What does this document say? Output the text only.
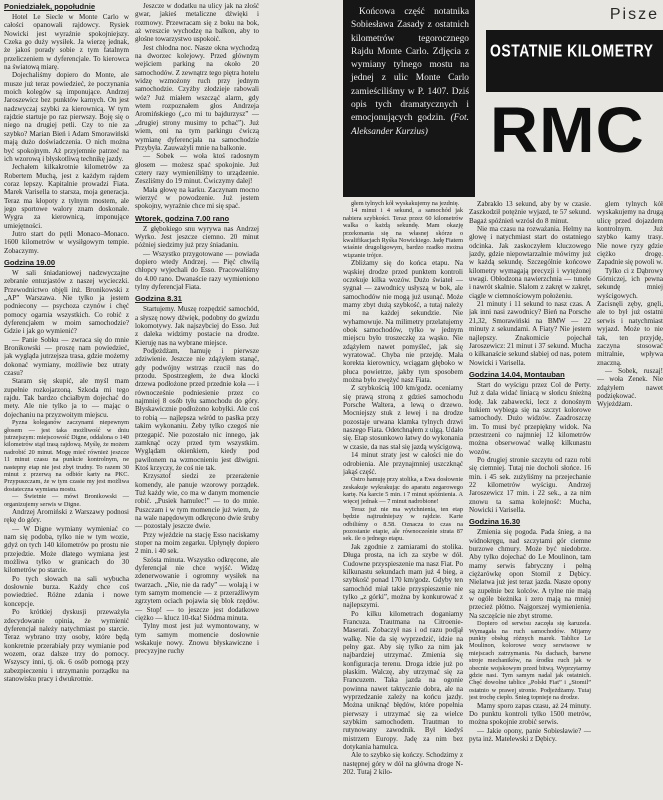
Poniedziałek, popołudnie

Hotel Le Siecle w Monte Carlo w całości opanowali rajdowcy. Rysiek Nowicki jest wyraźnie spokojniejszy. Czeka go duży wysiłek. Ja wierzę jednak, że jakoś porady sobie z tym fatalnym przeliczeniem w dyferencjale. To kierowca na światową miarę.

Dojechaliśmy dopiero do Monte, ale musze już teraz powiedzieć, że poczynania moich kolegów są imponujące. Andrzej Jaroszewicz bez punktów karnych. On jest nadzwyczaj szybki za kierownicą. W tym rajdzie startuje po raz pierwszy. Boję się o niego na drugiej petli. Czy to nie za szybko? Marian Bień i Adam Smorawiński mają dużo doświadczenia. O nich można być spokojnym. Aż przyjemnie patrzeć na ich wzorową i błyskotliwą technikę jazdy.

Jechałem kilkakrotnie kilometrów za Robertem Muchą, jest z każdym rajdem coraz lepszy. Kapitalnie prowadzi Fiata. Marek Varisella to starsza, moja generacja. Teraz ma kłopoty z tylnym mostem, ale jego sportowe walory znam doskonale. Wygra za kierownicą, imponujące umiejętności.

Jutro start do pętli Monaco–Monaco. 1600 kilometrów w wysiłgowym tempie. Zobaczymy.

Godzina 19.00

W sali śniadaniowej nadzwyczajne zebranie entuzjastów z naszej wycieczki. Przewodnictwo objęli inż. Bronikowski z „AP” Warszawa. Nie tylko ja jestem podniecony — psychoza czynów i chęć pomocy ogarnia wszystkich. Co robić z dyferencjałem w moim samochodzie? Gdzie i jak go wymienić?

— Panie Sobku — zwraca się do mnie Bronikowski — proszę nam powiedzieć, jak wygląda jutrzejsza trasa, gdzie możemy dokonać wymiany, możliwie bez utraty czasu?

Staram się skupić, ale myśl mam zupełnie rozkojarzoną. Szkoda mi tego rajdu. Tak bardzo chciałbym dojechać do mety. Ale nie tylko ja to — mając o dojechaniu na przyzwoitym miejscu.

Pyzna koleganów zaczynami niepewnym głosem — jest taka możliwość w dniu jutrzejszym: miejscowość Digne, oddalona o 140 kilometrów stąd trasą rajdową. Myślę, że możem nadrobić 20 minut. Mogę mieć również jeszcze 11 minut czasu na punkcie kontrolnym, ne nastepny etap nie jest zbyt trudny. To razem 30 minut z przerwą na odbiór karty na PKC. Przypuszczam, że w tym czasie my jest możliwa dostateczna wymiana mostu.

— Świetnie — mówi Bronikowski — organizujemy serwis w Digne.

Andrzej Aromiński z Warszawy podnosi rękę do góry.

— W Digne wymiany wymieniać co nam się podoba, tylko nie w tym wozie, gdyż on tych 140 kilometrów po prostu nie przejedzie. Może dlatego wymiana jest możliwa tylko w granicach do 30 kilometrów po starcie.

Po tych słowach na sali wybucha dosłownie burza. Każdy chce coś powiedzieć. Różne zdania i nowe koncepcje.

Po krótkiej dyskusji przeważyła zdecydowanie opinia, że wymienić dyferencjał należy natychmiast po starcie. Teraz wybrano trzy osoby, które będą konkretnie przerabiały przy wymianie pod wozem, oraz dalsze trzy do pomocy. Wszyscy inni, tj. ok. 6 osób pomogą przy zabezpieczeniu i utrzymaniu porządku na stanowisku pracy i dwukrotnie.

Jeszcze w dodatku na ulicy jak na złość gwar, jakieś metaliczne dźwięki i rozmowy. Przewracam się z boku na bok, aż wreszcie wychodzę na balkon, aby to głośne towarzystwo uspokoić.

Jest chłodna noc. Nasze okna wychodzą na dworzec kolejowy. Przed głównym wejściem parking na około 20 samochodów. Z zewnątrz tego piętra hotelu widzę wzmożony ruch przy jednym samochodzie. Czyżby złodzieje rabowali wóz? Już miałem wszcząć alarm, gdy wtem rozpoznałem głos Andrzeja Aromińskiego („co mi tu bajdurzysz” — „drugiej strony musimy to pchać”). Już wiem, oni na tym parkingu ćwiczą wymianę dyferencjała na samochodzie Przybyła. Zauważyli mnie na balkonie.

— Sobek — woła ktoś radosnym głosem — możesz spać spokojnie. Już cztery razy wymieniliśmy to urządzenie. Zeszliśmy do 19 minut. Ćwiczymy dalej!

Mała głowę na karku. Zaczynam mocno wierzyć w powodzenie. Już jestem spokojny, wyraźnie chce mi się spać.

Wtorek, godzina 7.00 rano

Z głębokiego snu wyrywa nas Andrzej Wyrko. Jest jeszcze ciemno. 20 minut później siedzimy już przy śniadaniu.

— Wszystko przygotowane — powiada dopiero wtedy Andrzej. — Pięć chwilą chłopcy wyjechali do Esso. Pracowaliśmy do 4.00 rano. Dwanaście razy wymieniono tylny dyferencjał Fiata.

Godzina 8.31

Startujemy. Muszę rozpędzić samochód, a słyszę nowy dźwięk, podobny do gwizdu lokomotywy. Jak najszybciej do Esso. Już z daleka widzimy postacie na drodze. Kieruję nas na wybrane miejsce.

Podjeżdżam, hamuję i pierwsze zdziwienie. Jeszcze nie zdążyłem stanąć, gdy podwójny wstrząs rzucił nas do przodu. Spostrzegłem, że dwa klocki drzewa podłożone przed przednie koła — i równocześnie podniesienie przez co najmniej 8 osób tyłu samochodu do góry. Błyskawicznie podłożono kobyłki. Ale coś to robią — najlepsza wśród to pasłka przy takim wykonaniu. Żeby tylko czegoś nie przegapić. Nie pozostało nic innego, jak zamknąć oczy przed tym wszystkim. Wyglądam okienkiem, kiedy pod pawilonem na wzmocnieniu jest dźwigni. Ktoś krzyczy, że coś nie tak.

Krzysztof siedzi ze przerażenie komendy, ale panuje wzorowy porządek. Tuż każdy wie, co ma w danym momencie robić. „Pusiek hamulec!” — to do mnie. Puszczam i w tym momencie już wiem, że na wale napędowym odkręcono dwie śruby — pozostały jeszcze dwie.

Przy wjeździe na stację Esso naciskamy stoper na moim zegarku. Upłynęły dopiero 2 min. i 40 sek.

Szósta minuta. Wszystko odkręcone, ale dyferencjał nie chce wyjść. Widzę zdenerwowanie i ogromny wysiłek na twarzach. „Nie, nie da rady” — wołają i w tym samym momencie — z przeraźliwym zgrzytem ociach pojawia się blok rzędów. — Stop! — to jeszcze jest dodatkowe ciężko — klucz 10-tka! Siódma minuta.

Tylny most jest już wymontowany, w tym samym momencie dosłownie wskakuje nowy. Znowu błyskawiczne i precyzyjne ruchy

Końcowa część notatnika Sobiesława Zasady z ostatnich kilometrów tegorocznego Rajdu Monte Carlo. Zdjęcia z wymiany tylnego mostu na jednej z ulic Monte Carlo zamieściliśmy w P. 1407. Dziś opis tych dramatycznych i emocjonujących godzin. (Fot. Aleksander Kurzius)

Pisze
OSTATNIE KILOMETRY
RMC

głem tylnych kół wyskakujemy na jezdnię.

14 minut i 4 sekund, a samochód jak nabiera szybkości. Teraz przez 60 kilometrów walka o każdą sekundę. Mam okazję przekonania się na własnej skórze o kwalifikacjach Ryśka Nowickiego. Jadę Fiatem wiaśnie drugoligowym, bardzo rzadko można wiązanie trójce.

Zbliżamy się do końca etapu. Na wąskiej drodze przed punktem kontroli oczekuje kilka wozów. Dużo świateł — sygnał — zawodnicy usłyszą w bok, ale samochodów nie mogą już usunąć. Może mamy zbyt dużą szybkość, a tutaj należy mi na każdej sekundzie. Nie wyhamowuje. Na milimetry przelatujemy obok samochodów, tylko w jednym miejscu było troszeczkę za wąsko. Nie zdążyłem nawet pomyśleć, jak się wyratować. Chyba nie przejdę. Mała korekta kierownicy, wciągam głęboko w płuca powietrze, jakby tym sposobem można było zwężyć nasz Fiata.

Z szybkością 100 km/godz. oceniamy się prawą stroną z gdzieś samochodu Porsche Waltera, a lewą o drzewo. Mocniejszy stuk z lewej i na drodze pozostaje urwana klamka tylnych drzwi naszego Fiata. Odetchnąłem z ulgą. Udało się. Etap stosunkowo łatwy do wykonania w czasie, da nas stał się jazdą wyścigową.

14 minut straty jest w całości nie do odrobienia. Ale przynajmniej uszczknąć jakąś część.

Ostro hamuję przy stolika, a Ewa dosłownie zeskakuje wykrakując do aparatu zegarowego kartę. Na karcie 5 min. i 7 minut spóźnienia. A więcej jednak — 7 minut nadrobione!

Teraz już nie ma wytchnienia, ten etap będzie najtrudniejszy w rajdzie. Karte odbiliśmy o 8.58. Oznacza to czas na pozostanie etapie, ale równocześnie strata 87 sek. ile o jednego etapu.

Jak zgodnie z zamiarami do stolika. Długa prosta, na ich za szybe w dół. Cudowne przyspieszenie ma nasz Fiat. Po kilkunastu sekundach mam już 4 bieg, a szybkość ponad 170 km/godz. Gdyby ten samochód miał takie przyspieszenie nie tylko „z górki”, można by konkurować z najlepszymi.

Po kilku kilometrach doganiamy Francuza. Trautmana na Citroenie-Maserati. Zobaczył nas i od razu podjął walkę. Nie da się wyprzedzić, idzie na pełny gaz. Aby się tylko za nim jak najbardziej utrzymać. Zmienia się konfiguracja terenu. Droga idzie już po płaskim. Walczę, aby utrzymać się za Francuzem. Taka jazda na ogonie powinna nawet taktycznie dobra, ale na wyprzedzanie zależy na końcu jazdy. Można uniknąć błędów, które popełnia pierwszy i utrzymać się za wielce szybkim samochodem. Trautman to rutynowany zawodnik. Był kiedyś mistrzem Europy. Jadę za nim bez dotykania hamulca.

Ale to szybko się kończy. Schodzimy z następnej góry w dół na główna droge N-202. Tutaj 2 kilo-

Zabrakło 13 sekund, aby by w czasie. Zaszkodził potężnie wyjazd, te 57 sekund. Bagaż spóźnień wzrósł do 8 minut.

Nie ma czasu na rozważania. Helmy na głowę i natychmiast start do ostatniego odcinka. Jak zaskoczyłem kluczowego jazdy, gdzie niepowtarzalnie mówimy już w każdą sekundę. Szczególnie końcowe kilometry wymagają precyzji i wytężonej uwagi. Obłodzona nawierzchnia — tunele i nawrót skalnie. Slalom z zakręt w zakręt, ciągle w ciemnościowym położeniu.

21 minuty i 11 sekund to nasz czas. A jak inni nasi zawodnicy? Bień na Porsche 21,32, Smorawiński na BMW — 22 minuty z sekundami. A Fiaty? Nie jestem najlepszy. Znakomicie pojechał Jaroszewicz: 21 minut i 37 sekund. Mucha o kilkanaście sekund słabiej od nas, potem Nowicki i Varisella.

Godzina 14.04, Montauban

Start do wyścigu przez Col de Perty. Już z dala widać liniacą w słońcu śnieżną łodę. Jak zabawecki, lecz z donośnym hukiem wybiega się na szczyt kolorowe samochody. Dużo widzów. Zaadroszczę im. To musi być przepiękny widok. Na przestrzeni co najmniej 12 kilometrów można obserwować walkę kilkunastu wozów.

Po drugiej stronie szczytu od razu robi się ciemniej. Tutaj nie docholi słońce. 16 min. i 45 sek. zużyliśmy na przejechanie 22 kilometrów wyścigu. Andrzej Jaroszewicz 17 min. i 22 sek., a za nim znowu ta sama kolejność: Mucha, Nowicki i Varisella.

Godzina 16.30

Zmienia się pogoda. Pada śnieg, a na widnokręgu, nad szczytami gór ciemne burzowe chmury. Może być niedobrze. Aby tylko dojechać do Le Moulinon, tam mamy serwis fabryczny i pełną ciężarówkę opon Stomil z Dębicy. Nielatwa już jest teraz jazda. Nasze opony są zupełnie bez kolców. A tylne nie mają w ogóle bieżnika i zero mają na mniej przecież płótno. Najgorszej wymienienia. Na szczęście nie zbyt strome.

Dopiero od serwisu zaczęła się karuzela. Wymagała na ruch samochodów. Mijamy punkty obsług różnych marek. Tablice Le Moulinon, kolorowe wozy serwisowe w miejscach zatrzymania. Na dachach, barwne stroje mechaników, na środku ruch jak w obecnie wojskowym przed bitwą. Wyprzytarmy gdzie nasi. Tym samym nadal jak ostatnich. Chęć dowolne tablice „Polski Fiat” i „Stomil” ostatnio w prawej stronie. Podjeżdżamy. Tutaj jest trochę ciepło. Śnieg topnieje na drodze.

Mamy sporo zapas czasu, aż 24 minuty. Do punktu kontroli tylko 1500 metrów, można spokojnie zrobić serwis.

— Jakie opony, panie Sobiesławie? — pyta inż. Matelewski z Dębicy.

glem tylnych kół wyskakujemy na drugą ulicę przed dojazdem kontrolnym. Już szybko kamy trasy. Nie nowe ryzy gdzie ciężko drogę. Zapadnie się powoli w.

Tylko ci z Dąbrowy Górniczej, ich pewna sekundę mniej wyścigowych. Zacisnęli zęby, gnęli, ale to był już ostatni serwis i natychmiast wyjazd. Może to nie tak, ten przyjdę, zaczyna stosować mitralnie, wpływa znaczną.

— Sobek, ruszaj! — woła Zenek. Nie zdążyłem nawet podziękować. Wyjeżdżam.
